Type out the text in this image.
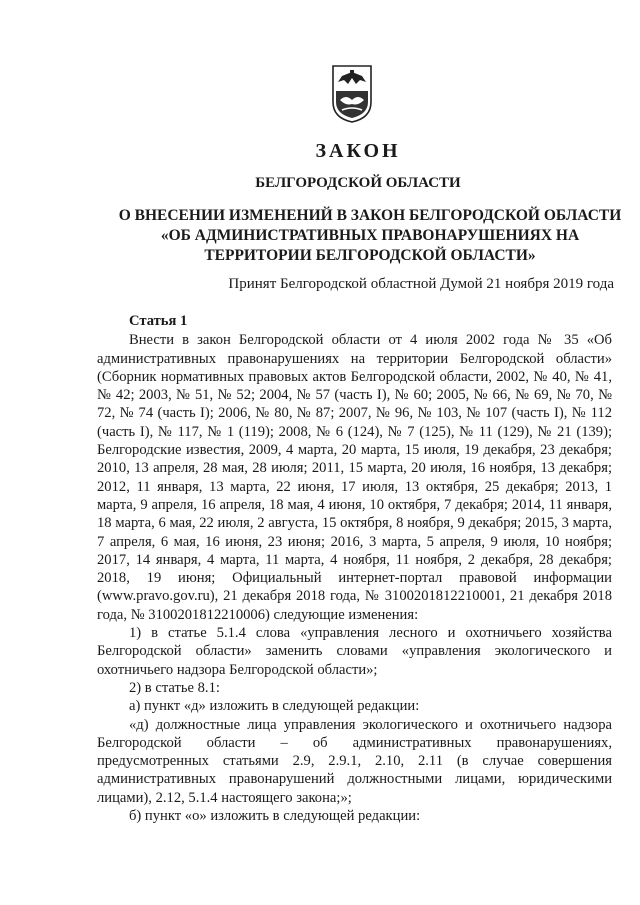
ЗАКОН
БЕЛГОРОДСКОЙ ОБЛАСТИ
О ВНЕСЕНИИ ИЗМЕНЕНИЙ В ЗАКОН БЕЛГОРОДСКОЙ ОБЛАСТИ
«ОБ АДМИНИСТРАТИВНЫХ ПРАВОНАРУШЕНИЯХ НА
ТЕРРИТОРИИ БЕЛГОРОДСКОЙ ОБЛАСТИ»
Принят Белгородской областной Думой 21 ноября 2019 года
Статья 1

Внести в закон Белгородской области от 4 июля 2002 года № 35 «Об административных правонарушениях на территории Белгородской области» (Сборник нормативных правовых актов Белгородской области, 2002, № 40, № 41, № 42; 2003, № 51, № 52; 2004, № 57 (часть I), № 60; 2005, № 66, № 69, № 70, № 72, № 74 (часть I); 2006, № 80, № 87; 2007, № 96, № 103, № 107 (часть I), № 112 (часть I), № 117, № 1 (119); 2008, № 6 (124), № 7 (125), № 11 (129), № 21 (139); Белгородские известия, 2009, 4 марта, 20 марта, 15 июля, 19 декабря, 23 декабря; 2010, 13 апреля, 28 мая, 28 июля; 2011, 15 марта, 20 июля, 16 ноября, 13 декабря; 2012, 11 января, 13 марта, 22 июня, 17 июля, 13 октября, 25 декабря; 2013, 1 марта, 9 апреля, 16 апреля, 18 мая, 4 июня, 10 октября, 7 декабря; 2014, 11 января, 18 марта, 6 мая, 22 июля, 2 августа, 15 октября, 8 ноября, 9 декабря; 2015, 3 марта, 7 апреля, 6 мая, 16 июня, 23 июня; 2016, 3 марта, 5 апреля, 9 июля, 10 ноября; 2017, 14 января, 4 марта, 11 марта, 4 ноября, 11 ноября, 2 декабря, 28 декабря; 2018, 19 июня; Официальный интернет-портал правовой информации (www.pravo.gov.ru), 21 декабря 2018 года, № 3100201812210001, 21 декабря 2018 года, № 3100201812210006) следующие изменения:

1) в статье 5.1.4 слова «управления лесного и охотничьего хозяйства Белгородской области» заменить словами «управления экологического и охотничьего надзора Белгородской области»;

2) в статье 8.1:

а) пункт «д» изложить в следующей редакции:

«д) должностные лица управления экологического и охотничьего надзора Белгородской области – об административных правонарушениях, предусмотренных статьями 2.9, 2.9.1, 2.10, 2.11 (в случае совершения административных правонарушений должностными лицами, юридическими лицами), 2.12, 5.1.4 настоящего закона;»;

б) пункт «о» изложить в следующей редакции:
